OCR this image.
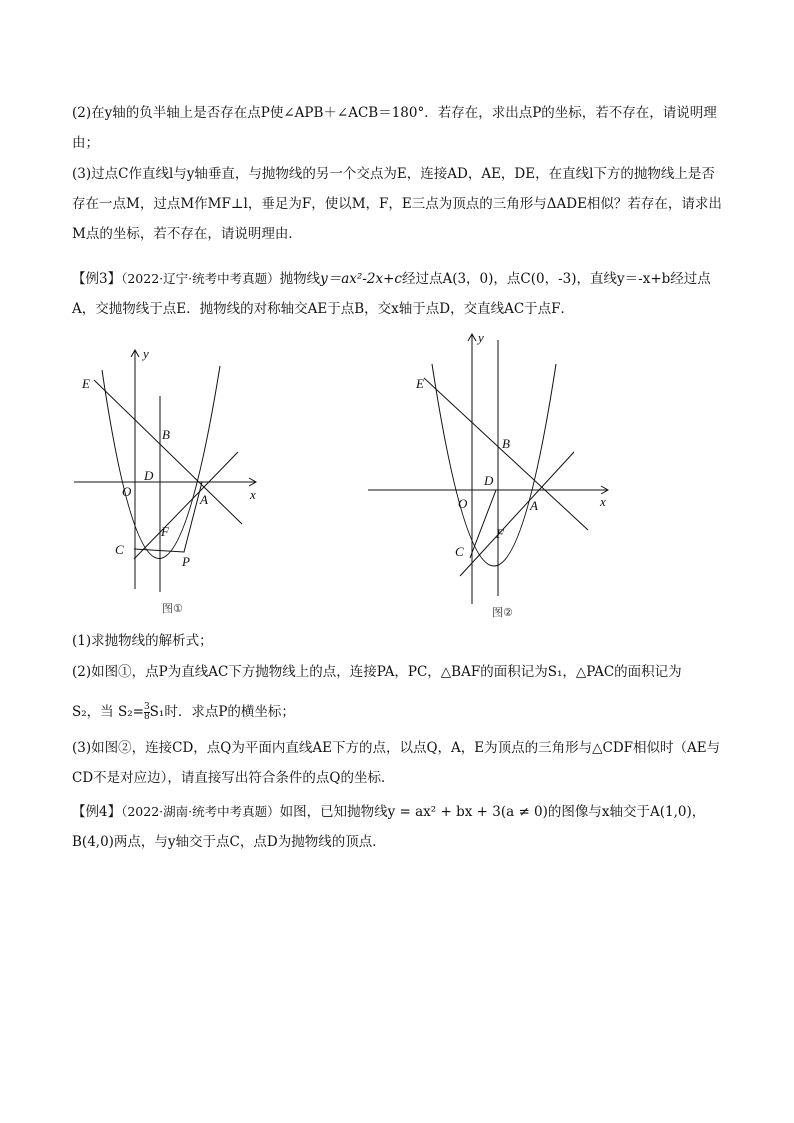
(2)在y轴的负半轴上是否存在点P使∠APB＋∠ACB＝180°．若存在，求出点P的坐标，若不存在，请说明理由；

(3)过点C作直线l与y轴垂直，与抛物线的另一个交点为E，连接AD，AE，DE，在直线l下方的抛物线上是否存在一点M，过点M作MF⊥l，垂足为F，使以M，F，E三点为顶点的三角形与ΔADE相似？若存在，请求出M点的坐标，若不存在，请说明理由．

【例3】（2022·辽宁·统考中考真题）抛物线y＝ax²-2x+c经过点A(3，0)，点C(0，-3)，直线y＝-x+b经过点A，交抛物线于点E．抛物线的对称轴交AE于点B，交x轴于点D，交直线AC于点F．

E
y
B
D
O
A	x
F
C
P
图①
y
E
B
D
O	A	x
F
C
图②

(1)求抛物线的解析式；

(2)如图①，点P为直线AC下方抛物线上的点，连接PA，PC，△BAF的面积记为S₁，△PAC的面积记为

S₂，当 $S_2= \frac{3}{8} S_1$时．求点P的横坐标；

(3)如图②，连接CD，点Q为平面内直线AE下方的点，以点Q，A，E为顶点的三角形与△CDF相似时（AE与CD不是对应边），请直接写出符合条件的点Q的坐标．

【例4】（2022·湖南·统考中考真题）如图，已知抛物线y = ax² + bx + 3(a ≠ 0)的图像与x轴交于A(1,0)，B(4,0)两点，与y轴交于点C，点D为抛物线的顶点．
